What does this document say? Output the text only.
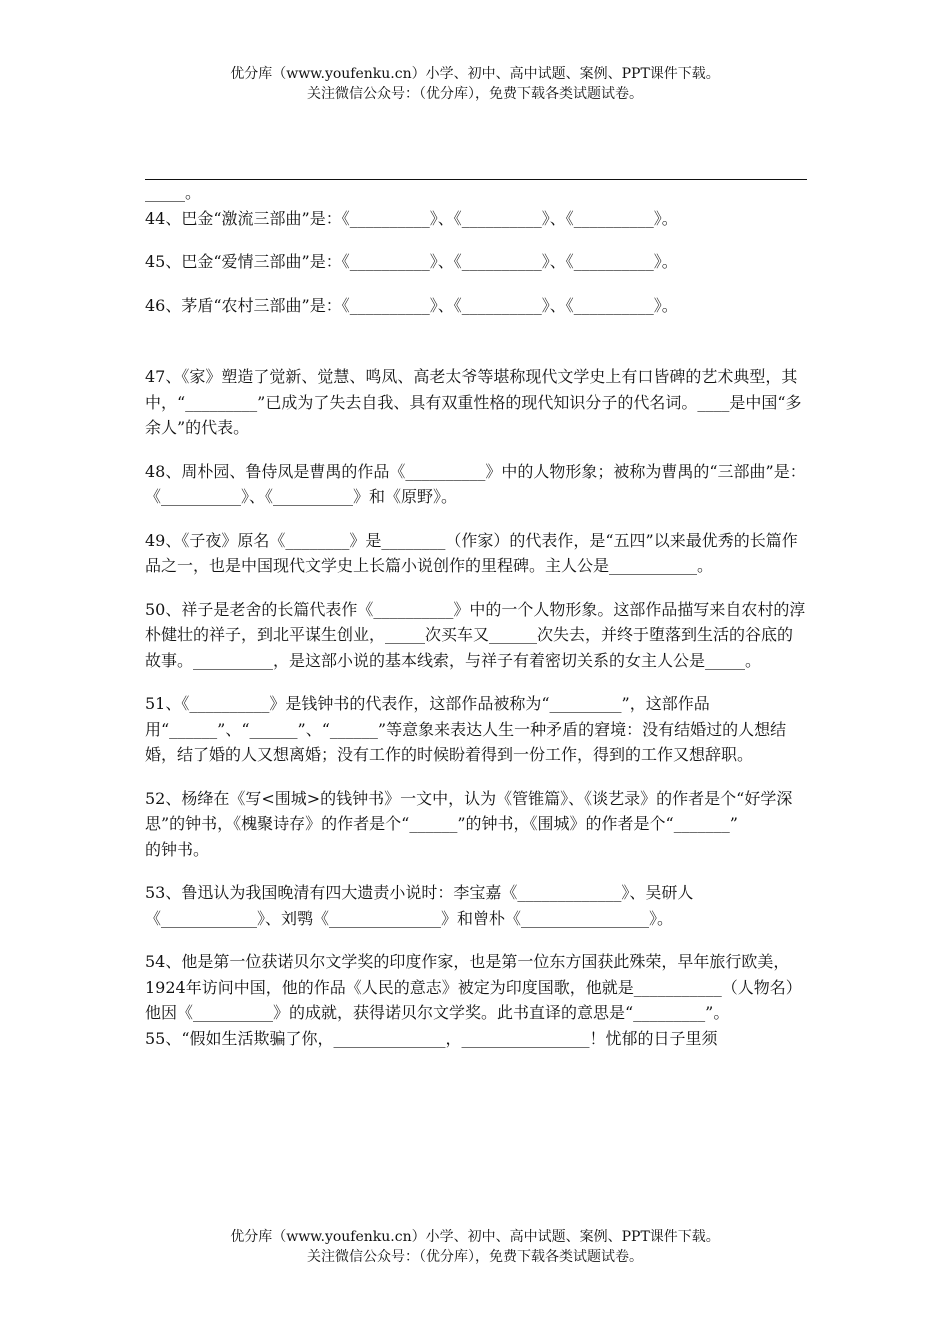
优分库（www.youfenku.cn）小学、初中、高中试题、案例、PPT课件下载。
关注微信公众号：（优分库），免费下载各类试题试卷。

_____。

44、巴金“激流三部曲”是：《__________》、《__________》、《__________》。

45、巴金“爱情三部曲”是：《__________》、《__________》、《__________》。

46、茅盾“农村三部曲”是：《__________》、《__________》、《__________》。

47、《家》塑造了觉新、觉慧、鸣凤、高老太爷等堪称现代文学史上有口皆碑的艺术典型，其中，“_________”已成为了失去自我、具有双重性格的现代知识分子的代名词。____是中国“多余人”的代表。

48、周朴园、鲁侍凤是曹禺的作品《__________》中的人物形象；被称为曹禺的“三部曲”是：《__________》、《__________》和《原野》。

49、《子夜》原名《________》是________（作家）的代表作，是“五四”以来最优秀的长篇作品之一，也是中国现代文学史上长篇小说创作的里程碑。主人公是___________。

50、祥子是老舍的长篇代表作《__________》中的一个人物形象。这部作品描写来自农村的淳朴健壮的祥子，到北平谋生创业，_____次买车又______次失去，并终于堕落到生活的谷底的故事。__________，是这部小说的基本线索，与祥子有着密切关系的女主人公是_____。

51、《__________》是钱钟书的代表作，这部作品被称为“_________”，这部作品用“______”、“______”、“______”等意象来表达人生一种矛盾的窘境：没有结婚过的人想结婚，结了婚的人又想离婚；没有工作的时候盼着得到一份工作，得到的工作又想辞职。

52、杨绛在《写<围城>的钱钟书》一文中，认为《管锥篇》、《谈艺录》的作者是个“好学深思”的钟书，《槐聚诗存》的作者是个“______”的钟书，《围城》的作者是个“_______”

的钟书。

53、鲁迅认为我国晚清有四大遗责小说时：李宝嘉《_____________》、吴研人《____________》、刘鹗《______________》和曾朴《________________》。

54、他是第一位获诺贝尔文学奖的印度作家，也是第一位东方国获此殊荣，早年旅行欧美，1924年访问中国，他的作品《人民的意志》被定为印度国歌，他就是___________（人物名）他因《__________》的成就，获得诺贝尔文学奖。此书直译的意思是“_________”。

55、“假如生活欺骗了你，______________，________________！忧郁的日子里须

优分库（www.youfenku.cn）小学、初中、高中试题、案例、PPT课件下载。
关注微信公众号：（优分库），免费下载各类试题试卷。
